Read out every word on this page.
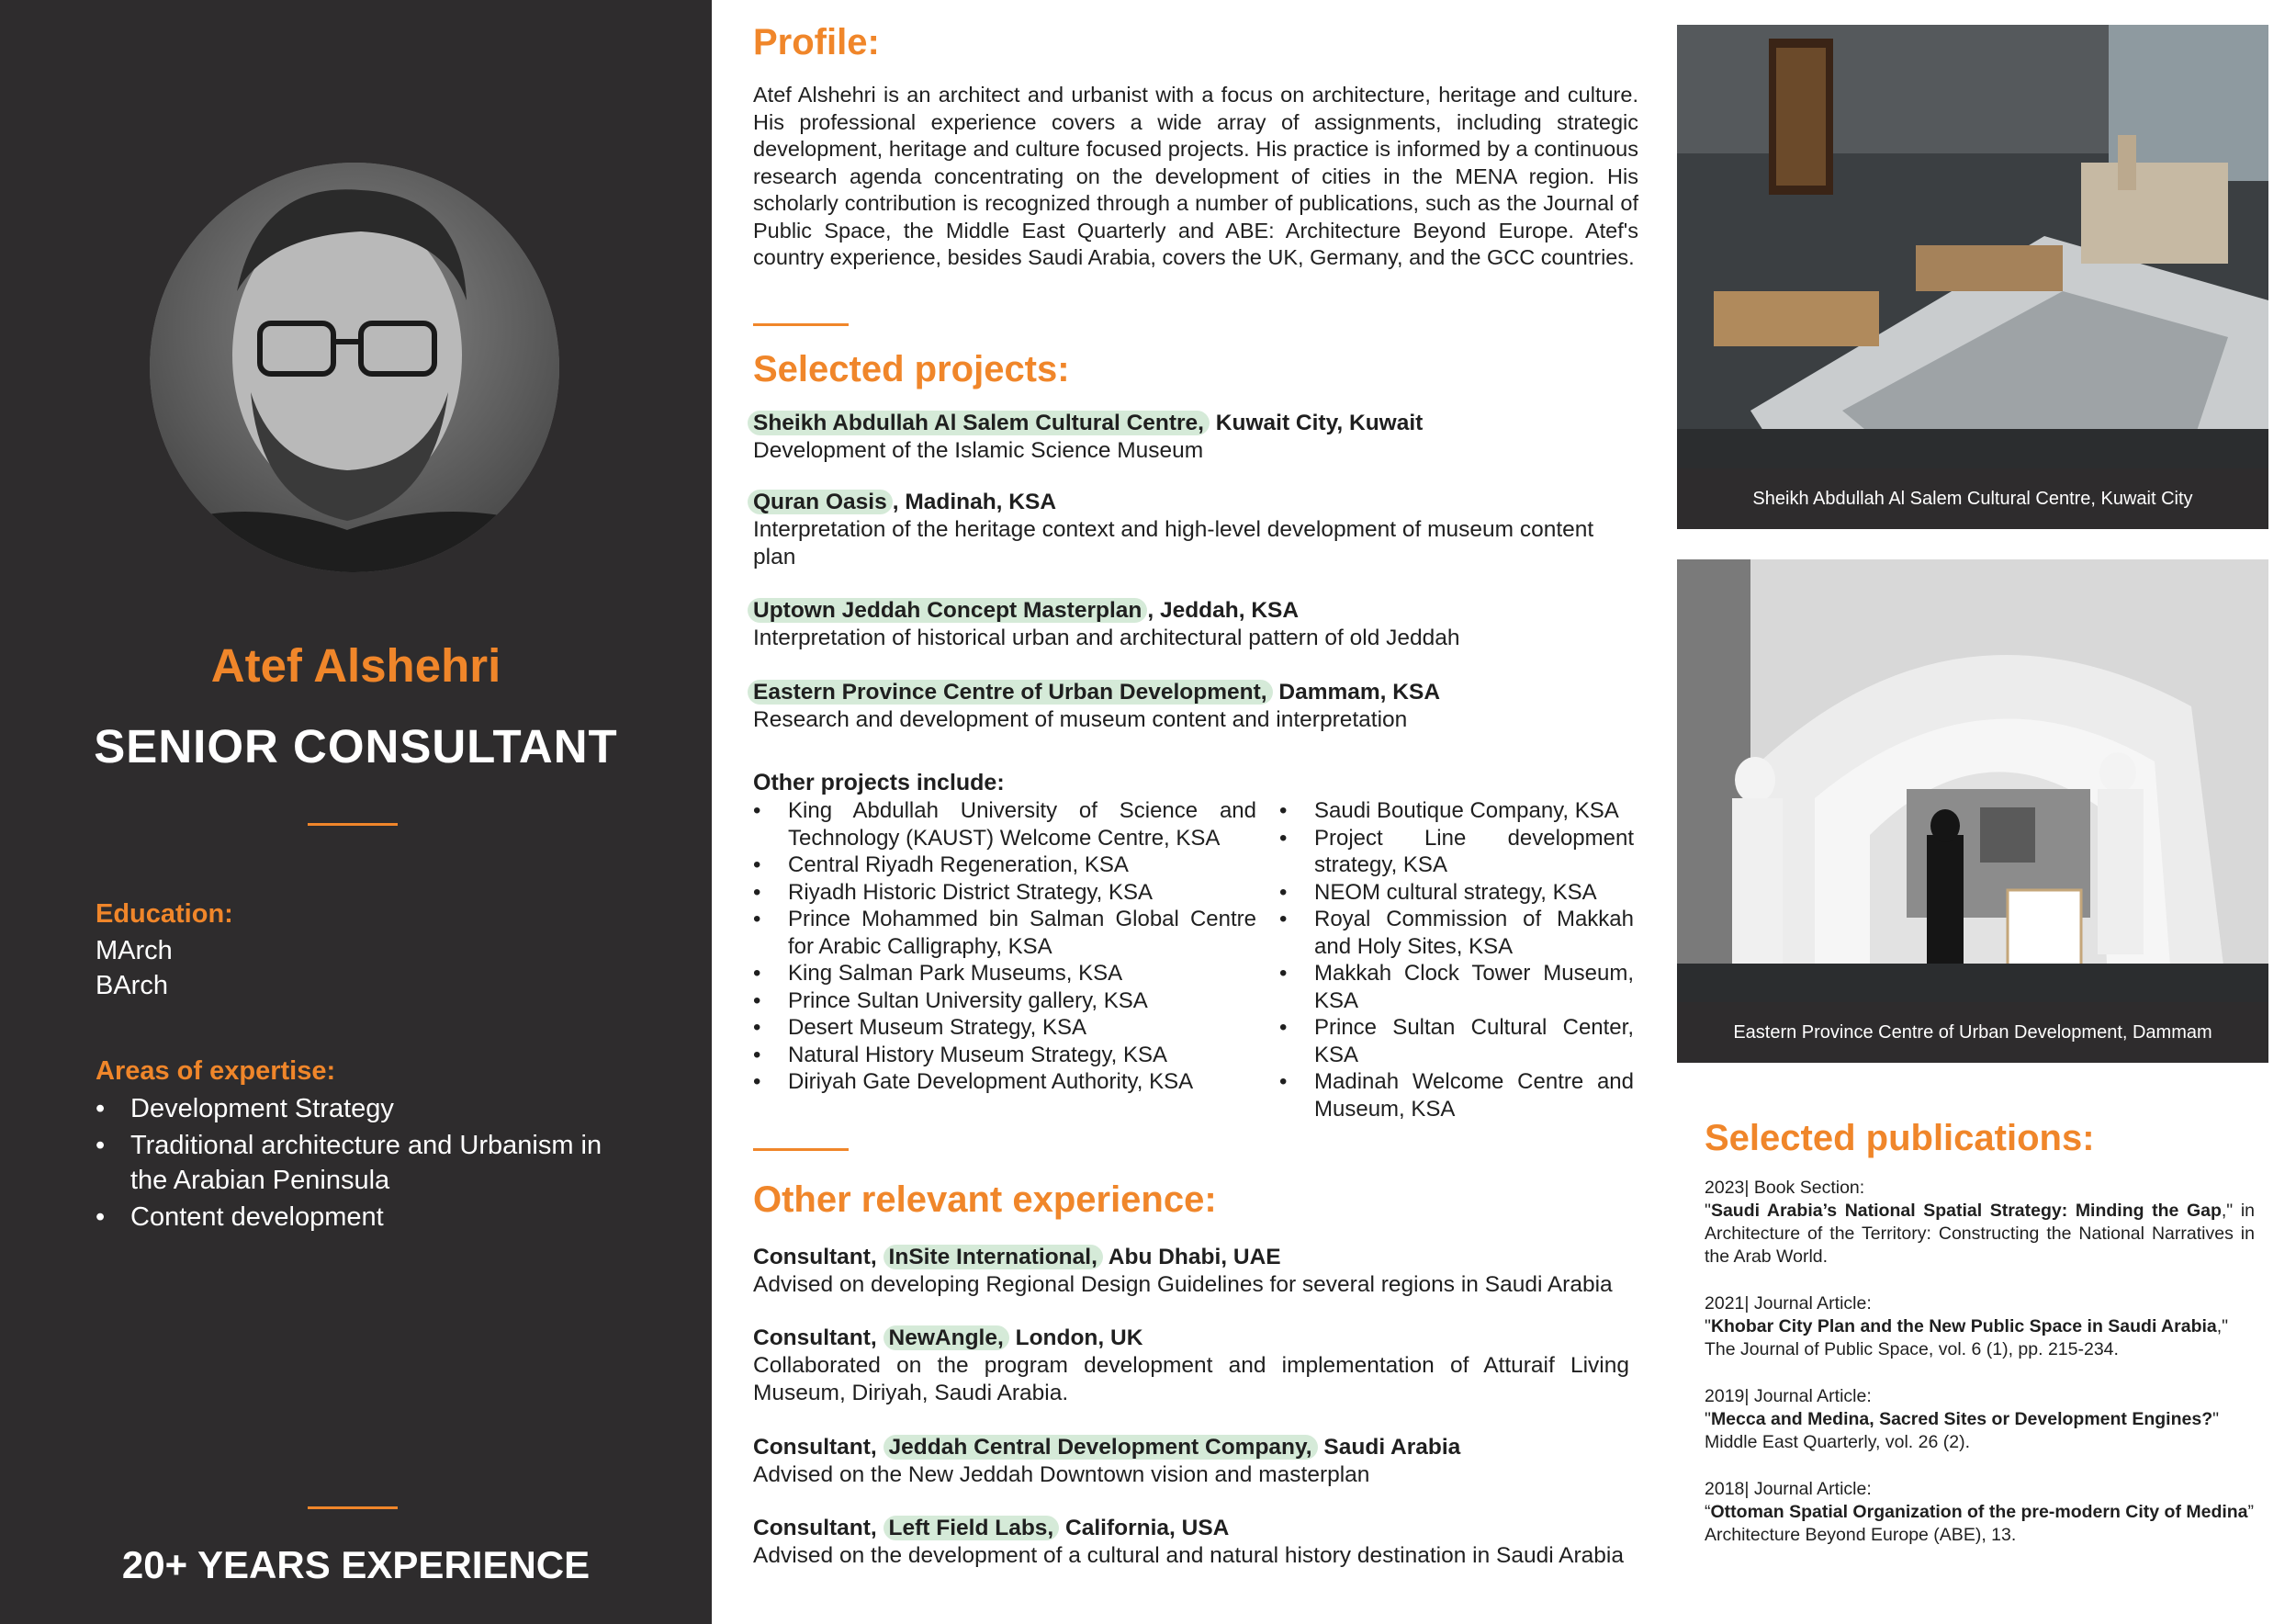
Atef Alshehri
SENIOR CONSULTANT
Education:
MArch
BArch
Areas of expertise:
• Development Strategy
• Traditional architecture and Urbanism in the Arabian Peninsula
• Content development
20+ YEARS EXPERIENCE
Profile:
Atef Alshehri is an architect and urbanist with a focus on architecture, heritage and culture. His professional experience covers a wide array of assignments, including strategic development, heritage and culture focused projects. His practice is informed by a continuous research agenda concentrating on the development of cities in the MENA region. His scholarly contribution is recognized through a number of publications, such as the Journal of Public Space, the Middle East Quarterly and ABE: Architecture Beyond Europe. Atef's country experience, besides Saudi Arabia, covers the UK, Germany, and the GCC countries.
Selected projects:
Sheikh Abdullah Al Salem Cultural Centre, Kuwait City, Kuwait
Development of the Islamic Science Museum
Quran Oasis , Madinah, KSA
Interpretation of the heritage context and high-level development of museum content plan
Uptown Jeddah Concept Masterplan , Jeddah, KSA
Interpretation of historical urban and architectural pattern of old Jeddah
Eastern Province Centre of Urban Development, Dammam, KSA
Research and development of museum content and interpretation
Other projects include:
• King Abdullah University of Science and Technology (KAUST) Welcome Centre, KSA
• Central Riyadh Regeneration, KSA
• Riyadh Historic District Strategy, KSA
• Prince Mohammed bin Salman Global Centre for Arabic Calligraphy, KSA
• King Salman Park Museums, KSA
• Prince Sultan University gallery, KSA
• Desert Museum Strategy, KSA
• Natural History Museum Strategy, KSA
• Diriyah Gate Development Authority, KSA
• Saudi Boutique Company, KSA
• Project Line development strategy, KSA
• NEOM cultural strategy, KSA
• Royal Commission of Makkah and Holy Sites, KSA
• Makkah Clock Tower Museum, KSA
• Prince Sultan Cultural Center, KSA
• Madinah Welcome Centre and Museum, KSA
Other relevant experience:
Consultant, InSite International, Abu Dhabi, UAE
Advised on developing Regional Design Guidelines for several regions in Saudi Arabia
Consultant, NewAngle, London, UK
Collaborated on the program development and implementation of Atturaif Living Museum, Diriyah, Saudi Arabia.
Consultant, Jeddah Central Development Company, Saudi Arabia
Advised on the New Jeddah Downtown vision and masterplan
Consultant, Left Field Labs, California, USA
Advised on the development of a cultural and natural history destination in Saudi Arabia
Sheikh Abdullah Al Salem Cultural Centre, Kuwait City
Eastern Province Centre of Urban Development, Dammam
Selected publications:

2023| Book Section:

"Saudi Arabia’s National Spatial Strategy: Minding the Gap," in Architecture of the Territory: Constructing the National Narratives in the Arab World.

2021| Journal Article:

"Khobar City Plan and the New Public Space in Saudi Arabia,"

The Journal of Public Space, vol. 6 (1), pp. 215-234.

2019| Journal Article:

"Mecca and Medina, Sacred Sites or Development Engines?"

Middle East Quarterly, vol. 26 (2).

2018| Journal Article:

“Ottoman Spatial Organization of the pre-modern City of Medina”

Architecture Beyond Europe (ABE), 13.
